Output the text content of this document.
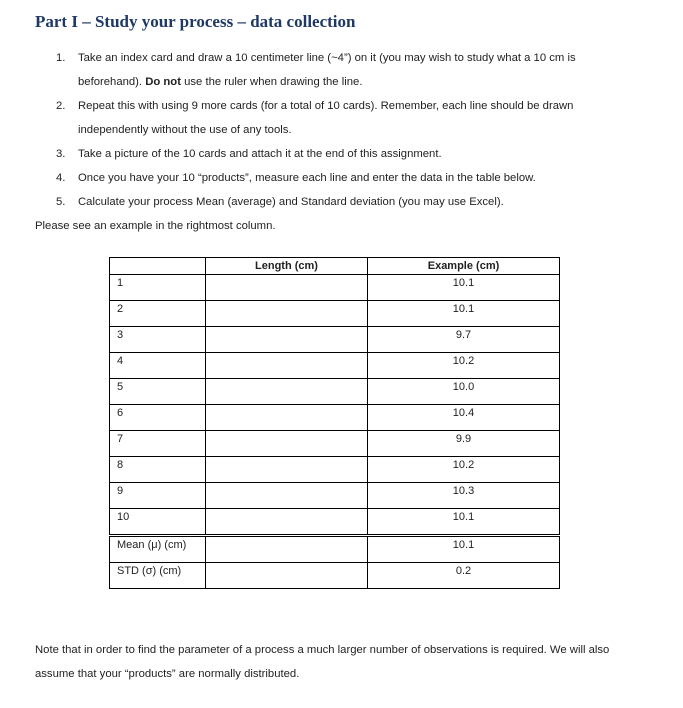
Part I – Study your process – data collection
1. Take an index card and draw a 10 centimeter line (~4”) on it (you may wish to study what a 10 cm is beforehand). Do not use the ruler when drawing the line.
2. Repeat this with using 9 more cards (for a total of 10 cards). Remember, each line should be drawn independently without the use of any tools.
3. Take a picture of the 10 cards and attach it at the end of this assignment.
4. Once you have your 10 “products”, measure each line and enter the data in the table below.
5. Calculate your process Mean (average) and Standard deviation (you may use Excel).
Please see an example in the rightmost column.
	Length (cm)	Example (cm)
1		10.1
2		10.1
3		9.7
4		10.2
5		10.0
6		10.4
7		9.9
8		10.2
9		10.3
10		10.1
Mean (μ) (cm)		10.1
STD (σ) (cm)		0.2
Note that in order to find the parameter of a process a much larger number of observations is required. We will also assume that your “products” are normally distributed.
